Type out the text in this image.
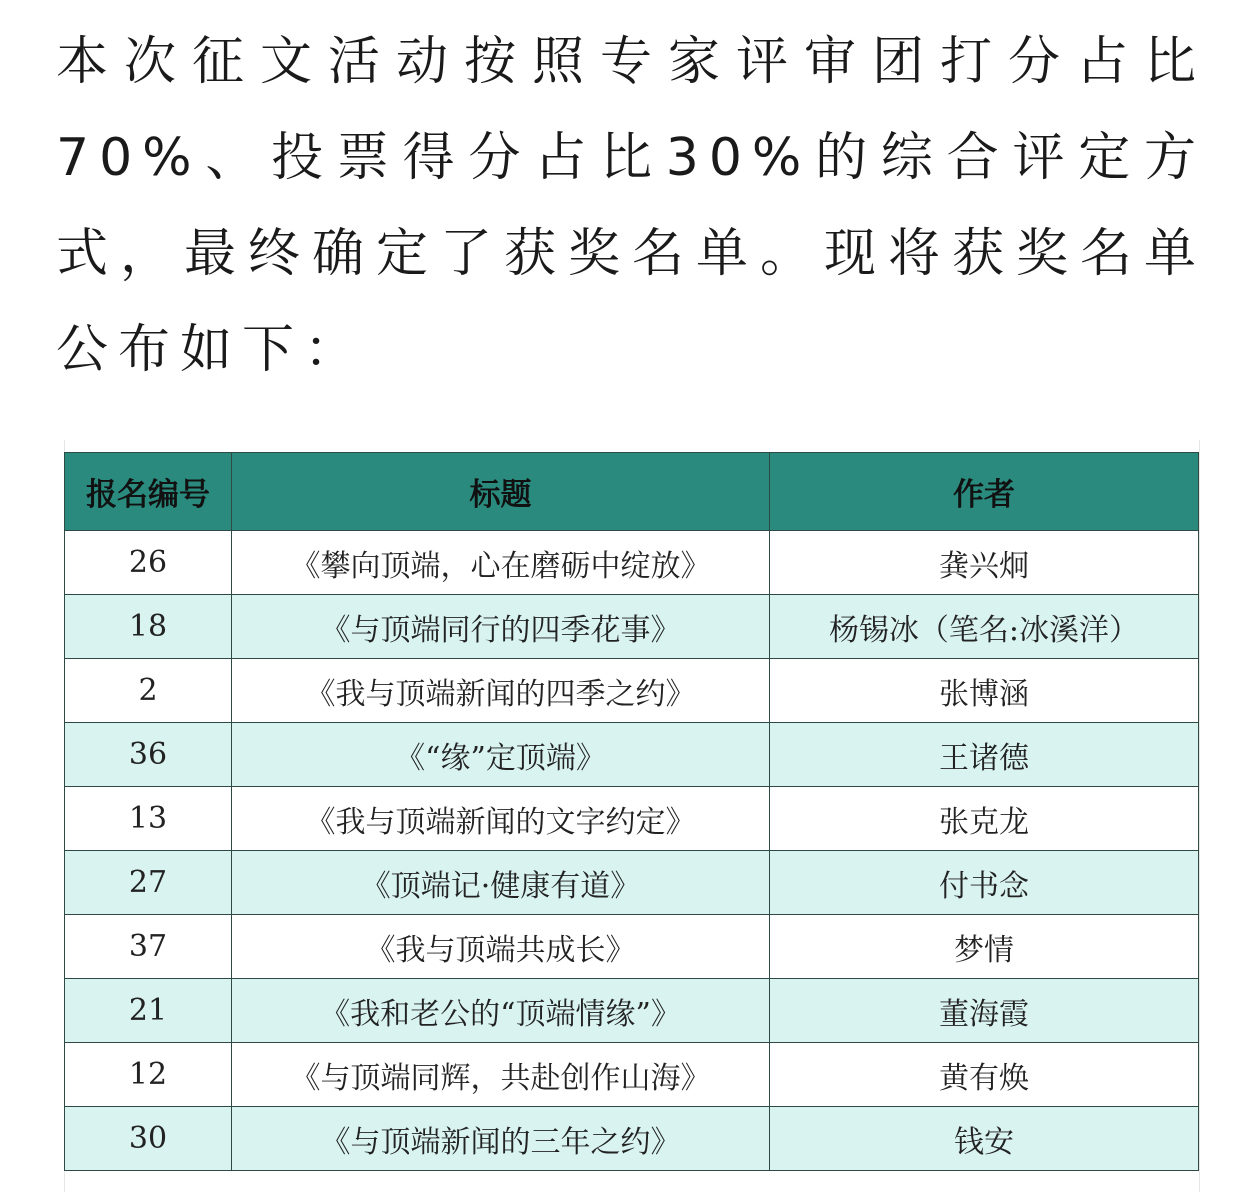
本次征文活动按照专家评审团打分占比70%、投票得分占比30%的综合评定方式，最终确定了获奖名单。现将获奖名单公布如下：

报名编号	标题	作者
26	《攀向顶端，心在磨砺中绽放》	龚兴炯
18	《与顶端同行的四季花事》	杨锡冰（笔名:冰溪洋）
2	《我与顶端新闻的四季之约》	张博涵
36	《“缘”定顶端》	王诸德
13	《我与顶端新闻的文字约定》	张克龙
27	《顶端记·健康有道》	付书念
37	《我与顶端共成长》	梦情
21	《我和老公的“顶端情缘”》	董海霞
12	《与顶端同辉，共赴创作山海》	黄有焕
30	《与顶端新闻的三年之约》	钱安
